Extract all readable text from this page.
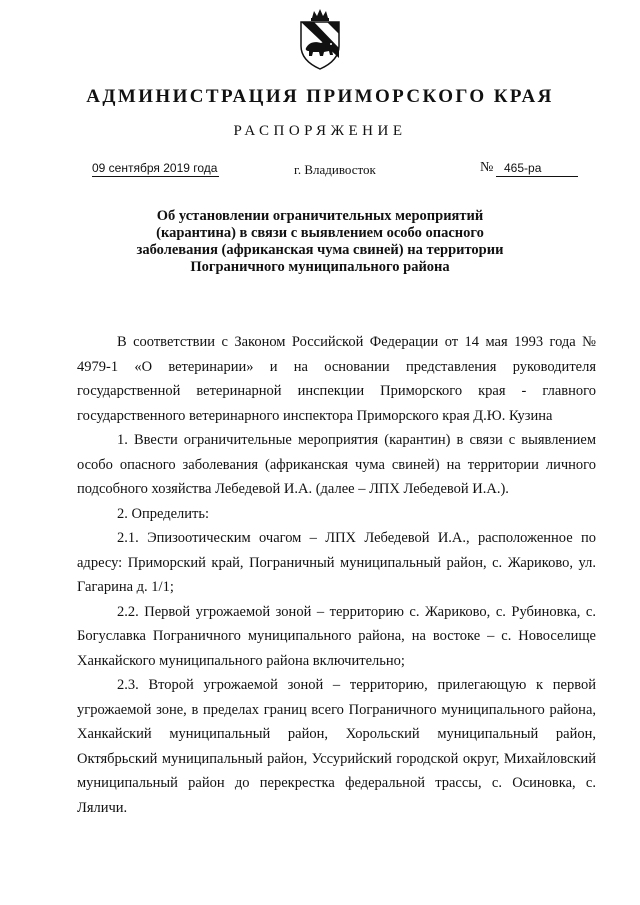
АДМИНИСТРАЦИЯ ПРИМОРСКОГО КРАЯ
РАСПОРЯЖЕНИЕ
09 сентября 2019 года	г. Владивосток	№ 465-ра
Об установлении ограничительных мероприятий
(карантина) в связи с выявлением особо опасного
заболевания (африканская чума свиней) на территории
Пограничного муниципального района

В соответствии с Законом Российской Федерации от 14 мая 1993 года № 4979-1 «О ветеринарии» и на основании представления руководителя государственной ветеринарной инспекции Приморского края - главного государственного ветеринарного инспектора Приморского края Д.Ю. Кузина

1. Ввести ограничительные мероприятия (карантин) в связи с выявлением особо опасного заболевания (африканская чума свиней) на территории личного подсобного хозяйства Лебедевой И.А. (далее – ЛПХ Лебедевой И.А.).

2. Определить:

2.1. Эпизоотическим очагом – ЛПХ Лебедевой И.А., расположенное по адресу: Приморский край, Пограничный муниципальный район, с. Жариково, ул. Гагарина д. 1/1;

2.2. Первой угрожаемой зоной – территорию с. Жариково, с. Рубиновка, с. Богуславка Пограничного муниципального района, на востоке – с. Новоселище Ханкайского муниципального района включительно;

2.3. Второй угрожаемой зоной – территорию, прилегающую к первой угрожаемой зоне, в пределах границ всего Пограничного муниципального района, Ханкайский муниципальный район, Хорольский муниципальный район, Октябрьский муниципальный район, Уссурийский городской округ, Михайловский муниципальный район до перекрестка федеральной трассы, с. Осиновка, с. Ляличи.
